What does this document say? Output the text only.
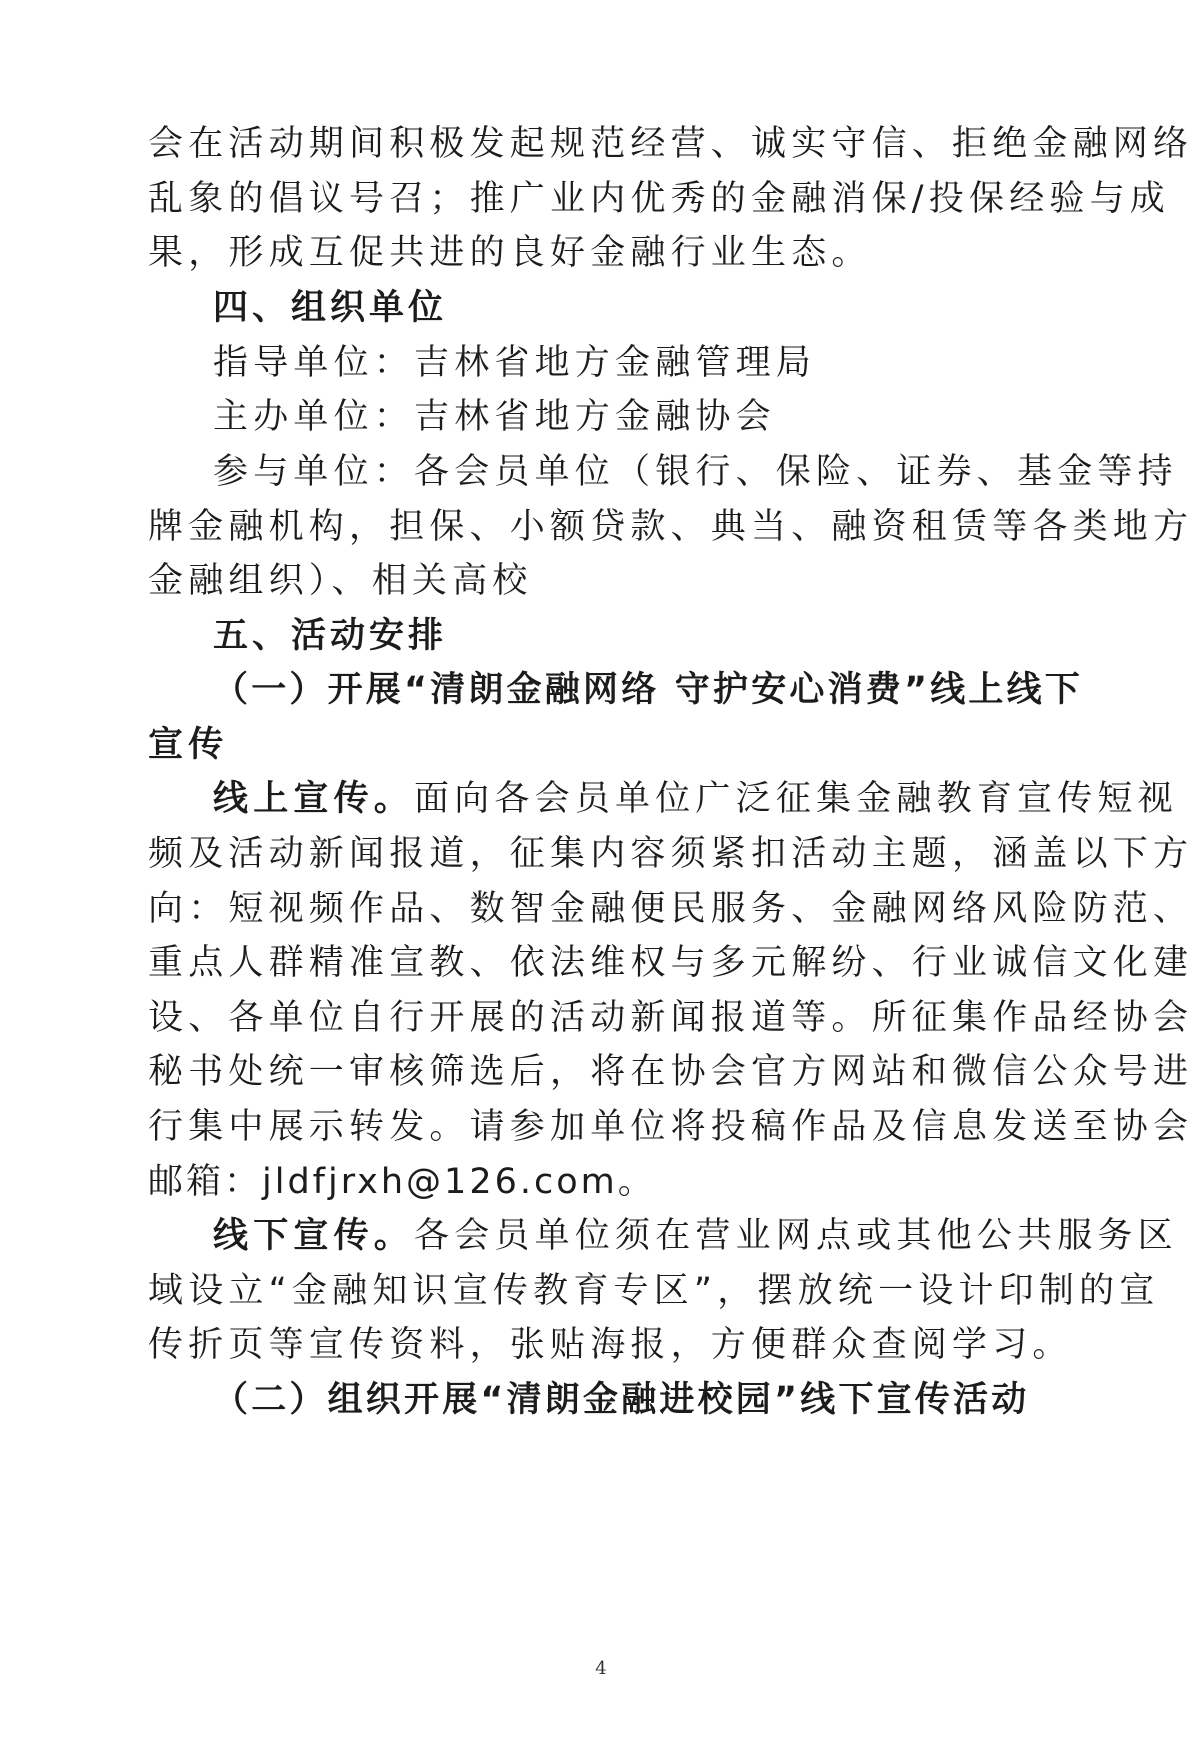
会在活动期间积极发起规范经营、诚实守信、拒绝金融网络
乱象的倡议号召；推广业内优秀的金融消保/投保经验与成
果，形成互促共进的良好金融行业生态。
四、组织单位
指导单位：吉林省地方金融管理局
主办单位：吉林省地方金融协会
参与单位：各会员单位（银行、保险、证券、基金等持
牌金融机构，担保、小额贷款、典当、融资租赁等各类地方
金融组织）、相关高校
五、活动安排
（一）开展“清朗金融网络 守护安心消费”线上线下
宣传
线上宣传。面向各会员单位广泛征集金融教育宣传短视
频及活动新闻报道，征集内容须紧扣活动主题，涵盖以下方
向：短视频作品、数智金融便民服务、金融网络风险防范、
重点人群精准宣教、依法维权与多元解纷、行业诚信文化建
设、各单位自行开展的活动新闻报道等。所征集作品经协会
秘书处统一审核筛选后，将在协会官方网站和微信公众号进
行集中展示转发。请参加单位将投稿作品及信息发送至协会
邮箱：jldfjrxh@126.com。
线下宣传。各会员单位须在营业网点或其他公共服务区
域设立“金融知识宣传教育专区”，摆放统一设计印制的宣
传折页等宣传资料，张贴海报，方便群众查阅学习。
（二）组织开展“清朗金融进校园”线下宣传活动
4
